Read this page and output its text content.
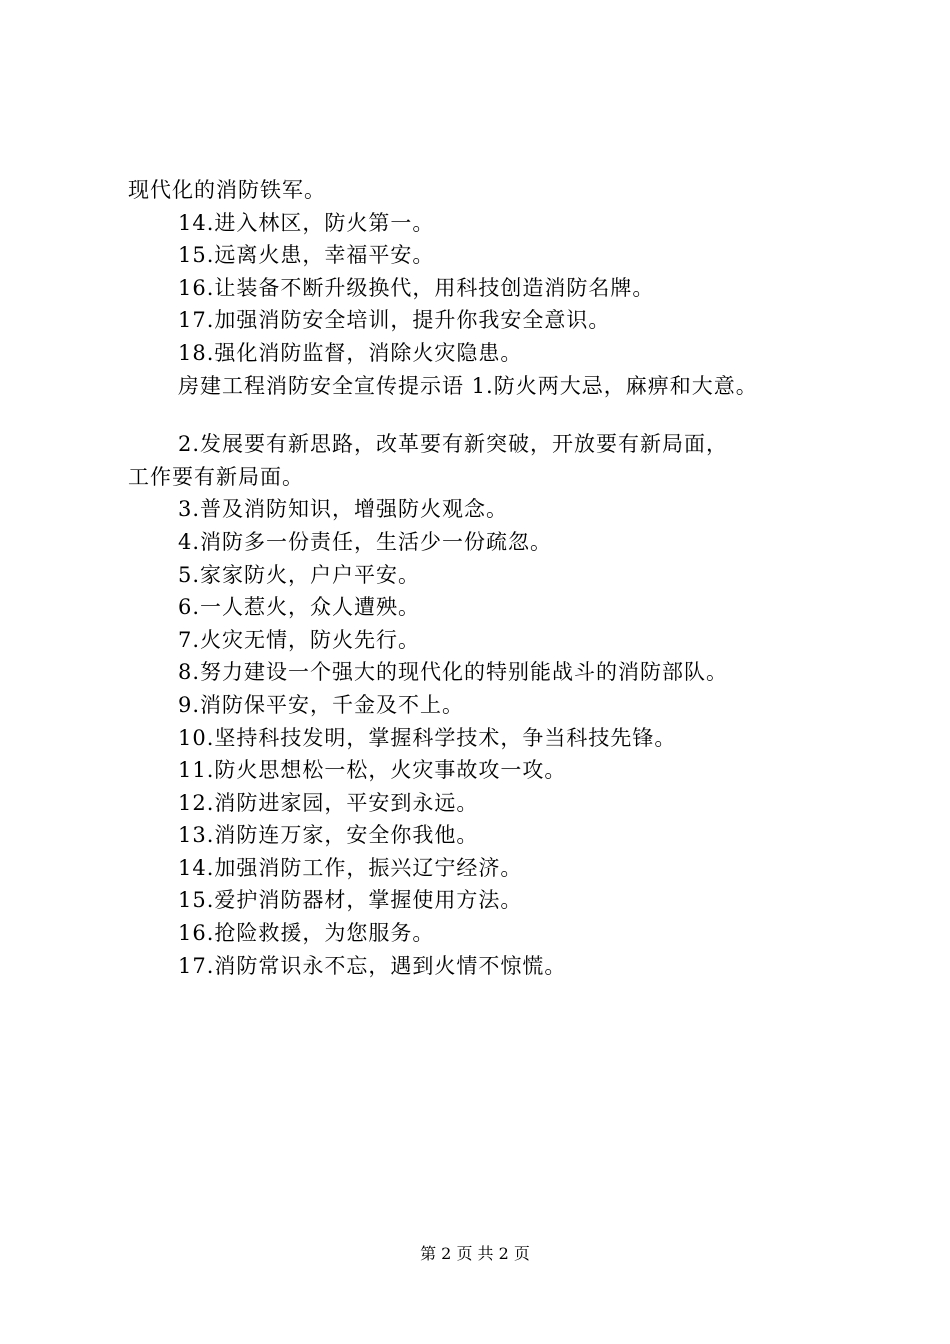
现代化的消防铁军。
14.进入林区，防火第一。
15.远离火患，幸福平安。
16.让装备不断升级换代，用科技创造消防名牌。
17.加强消防安全培训，提升你我安全意识。
18.强化消防监督，消除火灾隐患。
房建工程消防安全宣传提示语 1.防火两大忌，麻痹和大意。
2.发展要有新思路，改革要有新突破，开放要有新局面，
工作要有新局面。
3.普及消防知识，增强防火观念。
4.消防多一份责任，生活少一份疏忽。
5.家家防火，户户平安。
6.一人惹火，众人遭殃。
7.火灾无情，防火先行。
8.努力建设一个强大的现代化的特别能战斗的消防部队。
9.消防保平安，千金及不上。
10.坚持科技发明，掌握科学技术，争当科技先锋。
11.防火思想松一松，火灾事故攻一攻。
12.消防进家园，平安到永远。
13.消防连万家，安全你我他。
14.加强消防工作，振兴辽宁经济。
15.爱护消防器材，掌握使用方法。
16.抢险救援，为您服务。
17.消防常识永不忘，遇到火情不惊慌。
第 2 页 共 2 页
